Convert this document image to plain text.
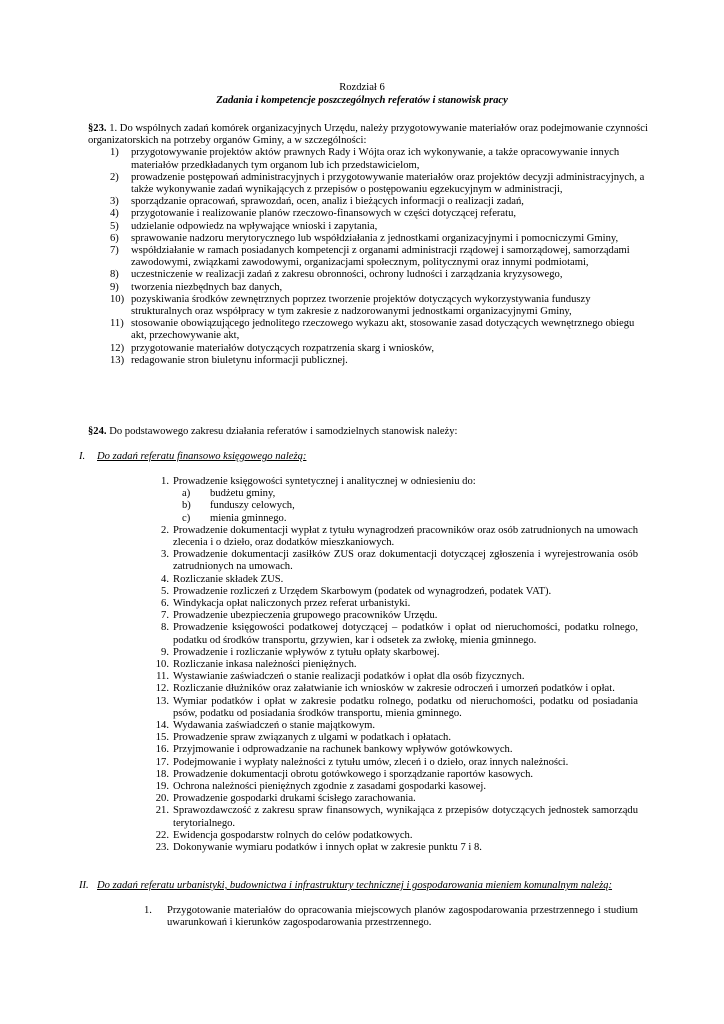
Rozdział 6
Zadania i kompetencje poszczególnych referatów i stanowisk pracy
§23. 1. Do wspólnych zadań komórek organizacyjnych Urzędu, należy przygotowywanie materiałów oraz podejmowanie czynności organizatorskich na potrzeby organów Gminy, a w szczególności:
1) przygotowywanie projektów aktów prawnych Rady i Wójta oraz ich wykonywanie, a także opracowywanie innych materiałów przedkładanych tym organom lub ich przedstawicielom,
2) prowadzenie postępowań administracyjnych i przygotowywanie materiałów oraz projektów decyzji administracyjnych, a także wykonywanie zadań wynikających z przepisów o postępowaniu egzekucyjnym w administracji,
3) sporządzanie opracowań, sprawozdań, ocen, analiz i bieżących informacji o realizacji zadań,
4) przygotowanie i realizowanie planów rzeczowo-finansowych w części dotyczącej referatu,
5) udzielanie odpowiedz na wpływające wnioski i zapytania,
6) sprawowanie nadzoru merytorycznego lub współdziałania z jednostkami organizacyjnymi i pomocniczymi Gminy,
7) współdziałanie w ramach posiadanych kompetencji z organami administracji rządowej i samorządowej, samorządami zawodowymi, związkami zawodowymi, organizacjami społecznym, politycznymi oraz innymi podmiotami,
8) uczestniczenie w realizacji zadań z zakresu obronności, ochrony ludności i zarządzania kryzysowego,
9) tworzenia niezbędnych baz danych,
10) pozyskiwania środków zewnętrznych poprzez tworzenie projektów dotyczących wykorzystywania funduszy strukturalnych oraz współpracy w tym zakresie z nadzorowanymi jednostkami organizacyjnymi Gminy,
11) stosowanie obowiązującego jednolitego rzeczowego wykazu akt, stosowanie zasad dotyczących wewnętrznego obiegu akt, przechowywanie akt,
12) przygotowanie materiałów dotyczących rozpatrzenia skarg i wniosków,
13) redagowanie stron biuletynu informacji publicznej.
§24. Do podstawowego zakresu działania referatów i samodzielnych stanowisk należy:
I. Do zadań referatu finansowo księgowego należą:
1. Prowadzenie księgowości syntetycznej i analitycznej w odniesieniu do:
a) budżetu gminy,
b) funduszy celowych,
c) mienia gminnego.
2. Prowadzenie dokumentacji wypłat z tytułu wynagrodzeń pracowników oraz osób zatrudnionych na umowach zlecenia i o dzieło, oraz dodatków mieszkaniowych.
3. Prowadzenie dokumentacji zasiłków ZUS oraz dokumentacji dotyczącej zgłoszenia i wyrejestrowania osób zatrudnionych na umowach.
4. Rozliczanie składek ZUS.
5. Prowadzenie rozliczeń z Urzędem Skarbowym (podatek od wynagrodzeń, podatek VAT).
6. Windykacja opłat naliczonych przez referat urbanistyki.
7. Prowadzenie ubezpieczenia grupowego pracowników Urzędu.
8. Prowadzenie księgowości podatkowej dotyczącej – podatków i opłat od nieruchomości, podatku rolnego, podatku od środków transportu, grzywien, kar i odsetek za zwłokę, mienia gminnego.
9. Prowadzenie i rozliczanie wpływów z tytułu opłaty skarbowej.
10. Rozliczanie inkasa należności pieniężnych.
11. Wystawianie zaświadczeń o stanie realizacji podatków i opłat dla osób fizycznych.
12. Rozliczanie dłużników oraz załatwianie ich wniosków w zakresie odroczeń i umorzeń podatków i opłat.
13. Wymiar podatków i opłat w zakresie podatku rolnego, podatku od nieruchomości, podatku od posiadania psów, podatku od posiadania środków transportu, mienia gminnego.
14. Wydawania zaświadczeń o stanie majątkowym.
15. Prowadzenie spraw związanych z ulgami w podatkach i opłatach.
16. Przyjmowanie i odprowadzanie na rachunek bankowy wpływów gotówkowych.
17. Podejmowanie i wypłaty należności z tytułu umów, zleceń i o dzieło, oraz innych należności.
18. Prowadzenie dokumentacji obrotu gotówkowego i sporządzanie raportów kasowych.
19. Ochrona należności pieniężnych zgodnie z zasadami gospodarki kasowej.
20. Prowadzenie gospodarki drukami ścisłego zarachowania.
21. Sprawozdawczość z zakresu spraw finansowych, wynikająca z przepisów dotyczących jednostek samorządu terytorialnego.
22. Ewidencja gospodarstw rolnych do celów podatkowych.
23. Dokonywanie wymiaru podatków i innych opłat w zakresie punktu 7 i 8.
II. Do zadań referatu urbanistyki, budownictwa i infrastruktury technicznej i gospodarowania mieniem komunalnym należą:
1. Przygotowanie materiałów do opracowania miejscowych planów zagospodarowania przestrzennego i studium uwarunkowań i kierunków zagospodarowania przestrzennego.
